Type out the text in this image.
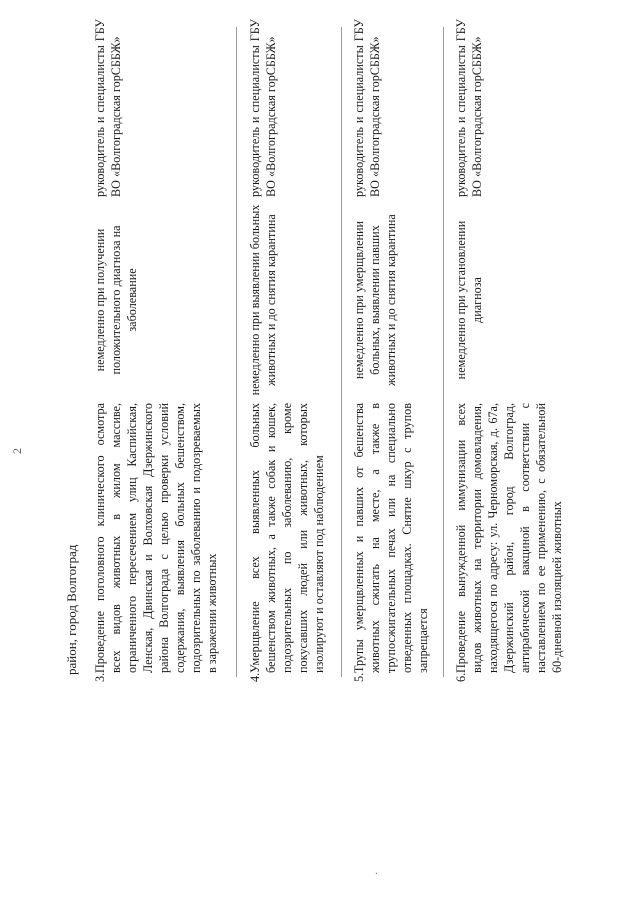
2
·
район, город Волгоград
3.
Проведение поголовного клинического осмотра всех видов животных в жилом массиве, ограниченного пересечением улиц Каспийская, Ленская, Двинская и Волховская Дзержинского района Волгограда с целью проверки условий содержания, выявления больных бешенством, подозрительных по заболеванию и подозреваемых в заражении животных
немедленно при получении положительного диагноза на заболевание
руководитель и специалисты ГБУ ВО «Волгоградская горСББЖ»
4.
Умерщвление всех выявленных больных бешенством животных, а также собак и кошек, подозрительных по заболеванию, кроме покусавших людей или животных, которых изолируют и оставляют под наблюдением
немедленно при выявлении больных животных и до снятия карантина
руководитель и специалисты ГБУ ВО «Волгоградская горСББЖ»
5.
Трупы умерщвленных и павших от бешенства животных сжигать на месте, а также в трупосжигательных печах или на специально отведенных площадках. Снятие шкур с трупов запрещается
немедленно при умерщвлении больных, выявлении павших животных и до снятия карантина
руководитель и специалисты ГБУ ВО «Волгоградская горСББЖ»
6.
Проведение вынужденной иммунизации всех видов животных на территории домовладения, находящегося по адресу: ул. Черноморская, д. 67а, Дзержинский район, город Волгоград, антирабической вакциной в соответствии с наставлением по ее применению, с обязательной 60-дневной изоляцией животных
немедленно при установлении диагноза
руководитель и специалисты ГБУ ВО «Волгоградская горСББЖ»
